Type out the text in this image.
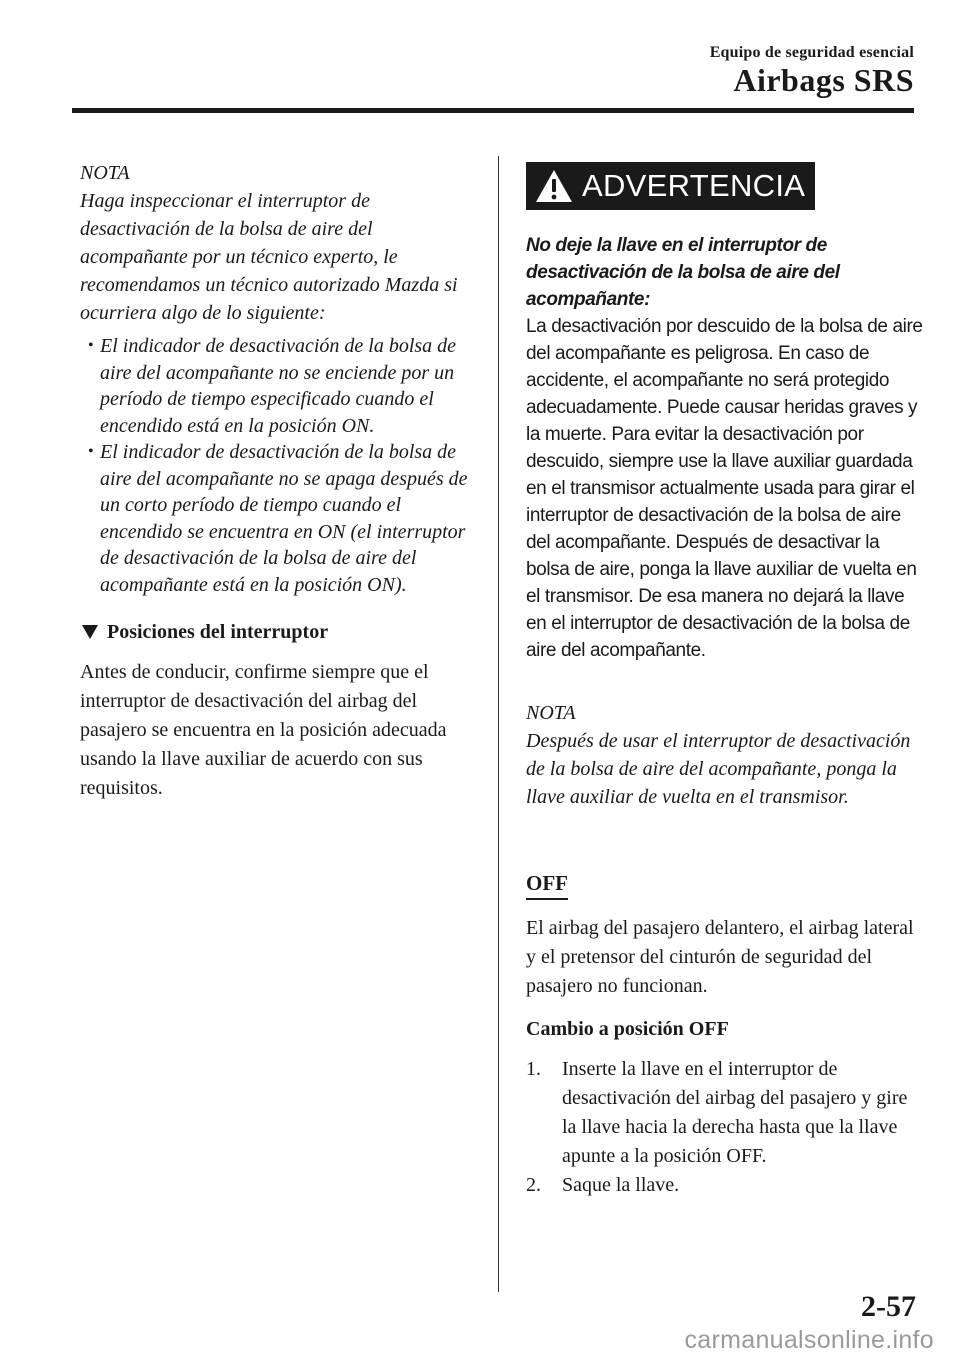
Equipo de seguridad esencial
Airbags SRS

NOTA

Haga inspeccionar el interruptor de desactivación de la bolsa de aire del acompañante por un técnico experto, le recomendamos un técnico autorizado Mazda si ocurriera algo de lo siguiente:

• El indicador de desactivación de la bolsa de aire del acompañante no se enciende por un período de tiempo especificado cuando el encendido está en la posición ON.
• El indicador de desactivación de la bolsa de aire del acompañante no se apaga después de un corto período de tiempo cuando el encendido se encuentra en ON (el interruptor de desactivación de la bolsa de aire del acompañante está en la posición ON).
Posiciones del interruptor

Antes de conducir, confirme siempre que el interruptor de desactivación del airbag del pasajero se encuentra en la posición adecuada usando la llave auxiliar de acuerdo con sus requisitos.

ADVERTENCIA

No deje la llave en el interruptor de desactivación de la bolsa de aire del acompañante:

La desactivación por descuido de la bolsa de aire del acompañante es peligrosa. En caso de accidente, el acompañante no será protegido adecuadamente. Puede causar heridas graves y la muerte. Para evitar la desactivación por descuido, siempre use la llave auxiliar guardada en el transmisor actualmente usada para girar el interruptor de desactivación de la bolsa de aire del acompañante. Después de desactivar la bolsa de aire, ponga la llave auxiliar de vuelta en el transmisor. De esa manera no dejará la llave en el interruptor de desactivación de la bolsa de aire del acompañante.

NOTA

Después de usar el interruptor de desactivación de la bolsa de aire del acompañante, ponga la llave auxiliar de vuelta en el transmisor.

OFF

El airbag del pasajero delantero, el airbag lateral y el pretensor del cinturón de seguridad del pasajero no funcionan.

Cambio a posición OFF

1. Inserte la llave en el interruptor de desactivación del airbag del pasajero y gire la llave hacia la derecha hasta que la llave apunte a la posición OFF.
2. Saque la llave.
2-57
carmanualsonline.info
